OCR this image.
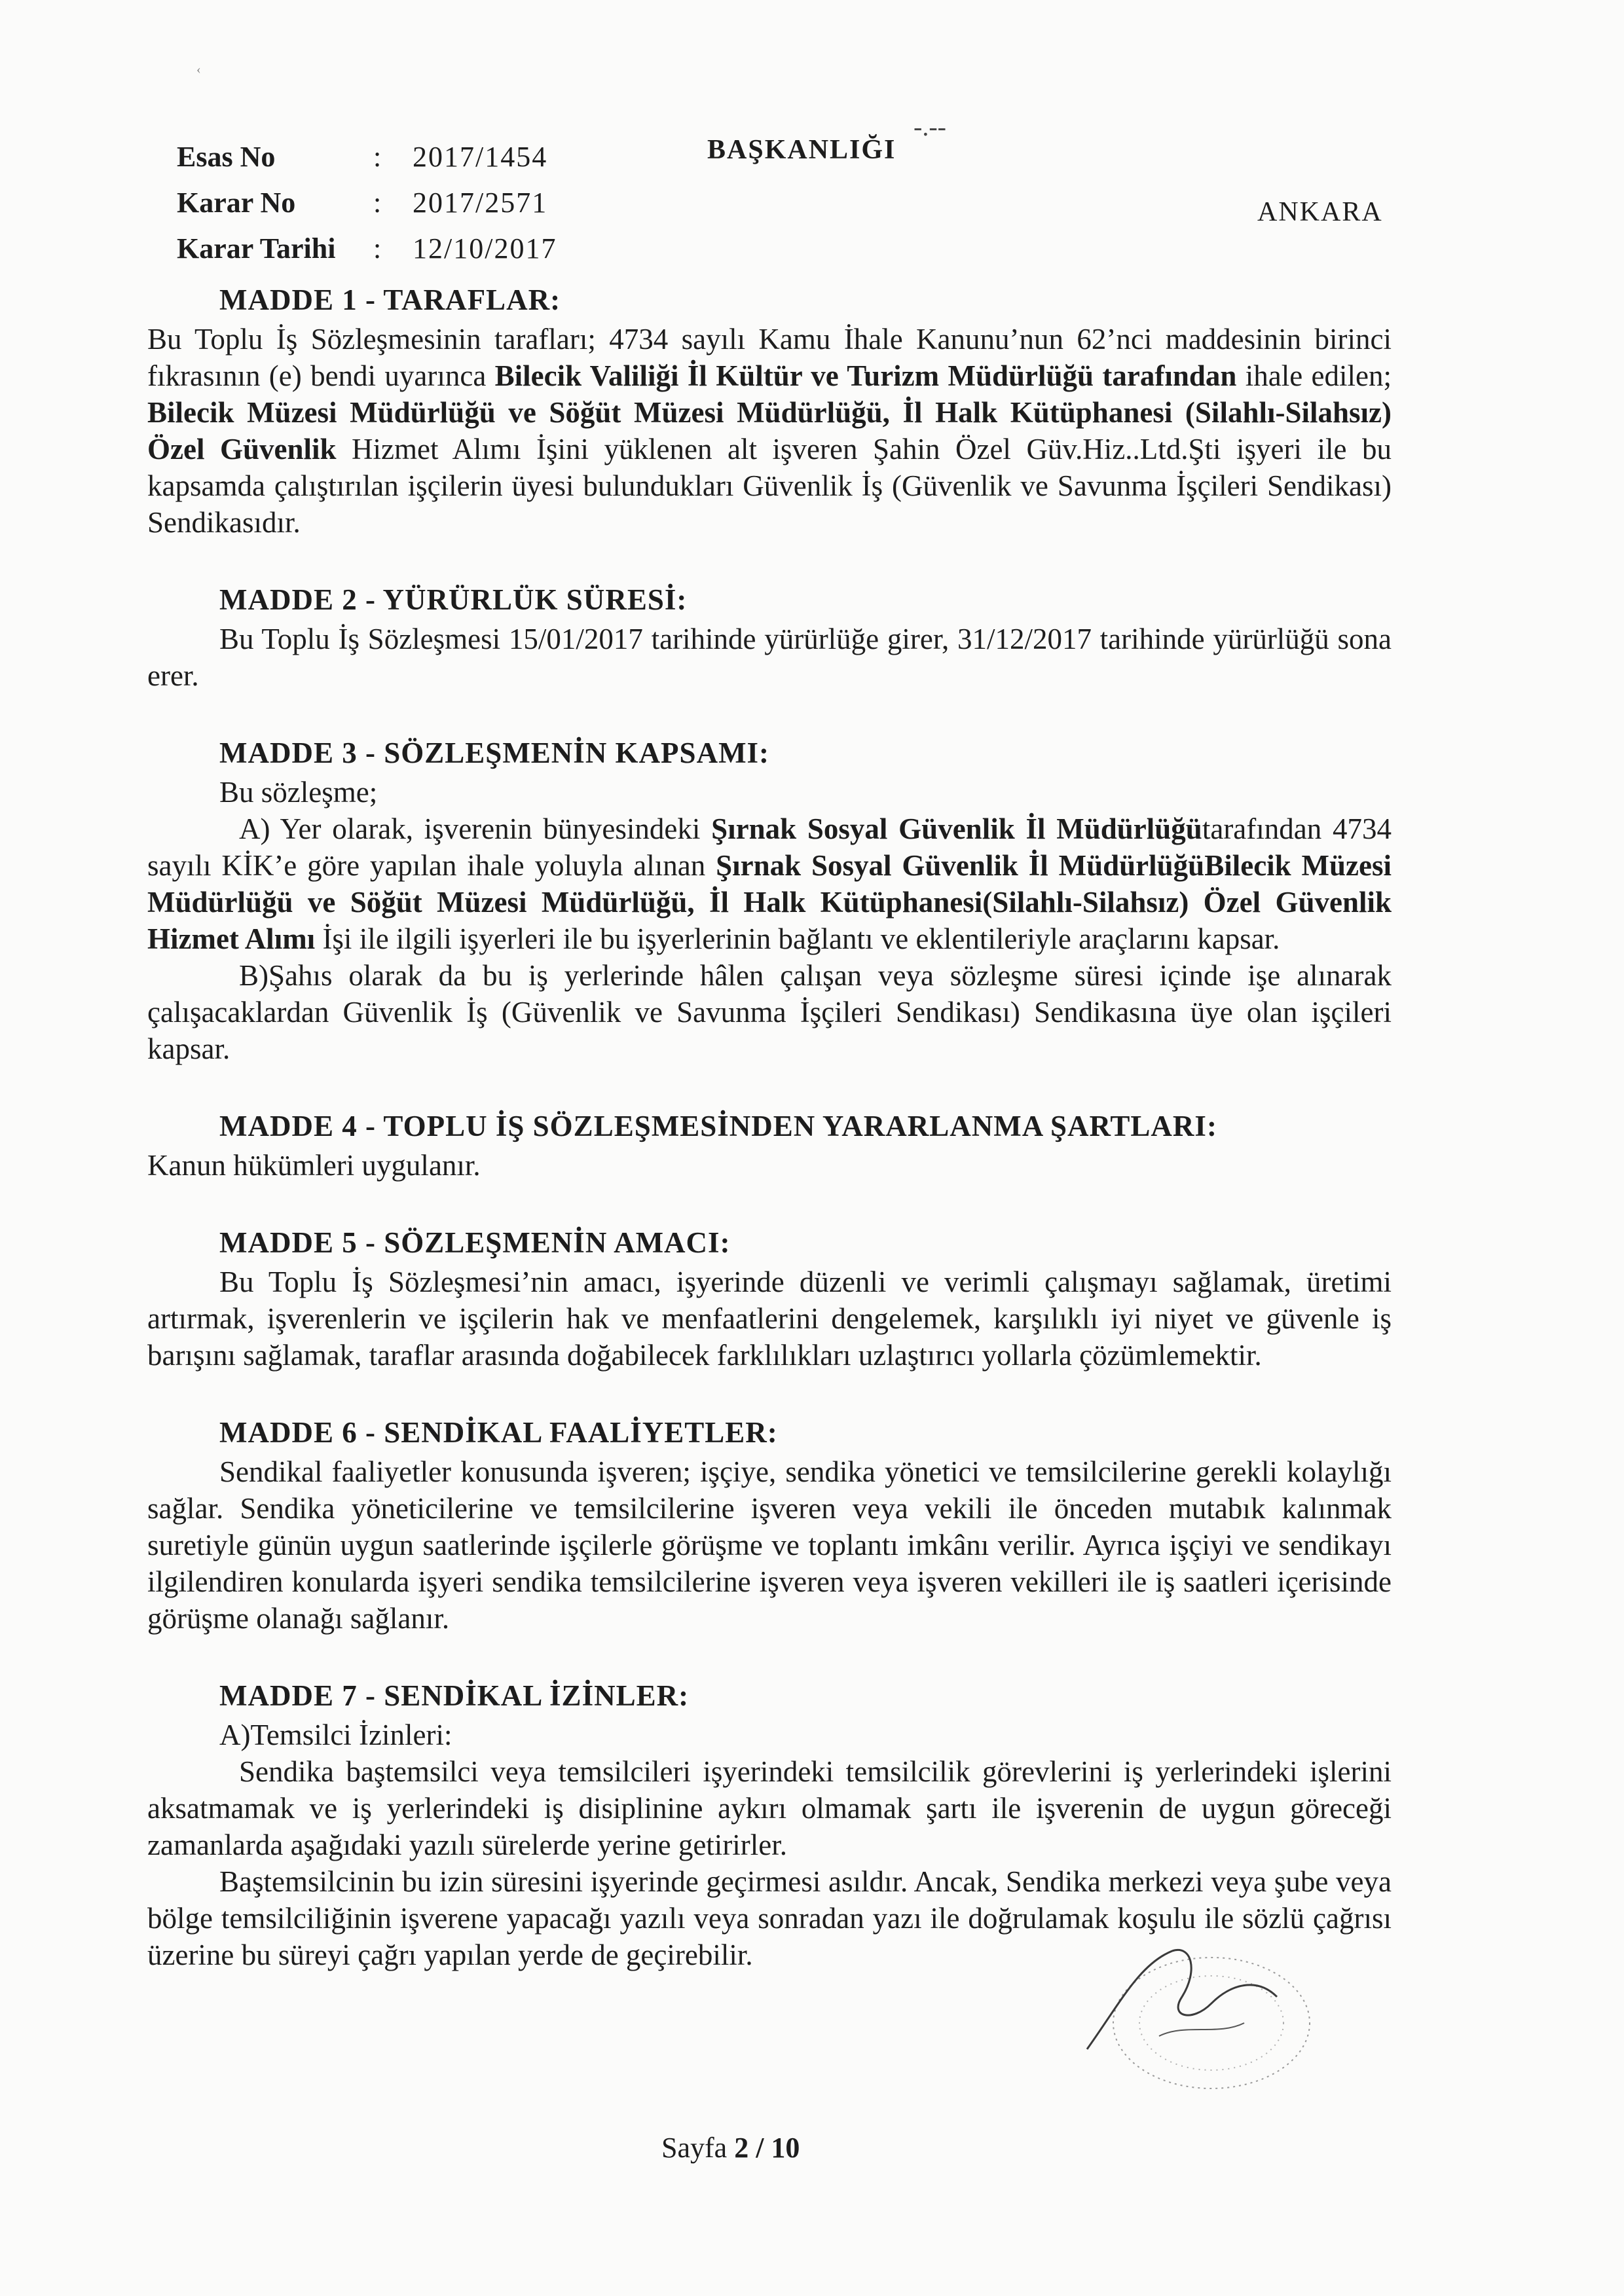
‹
Esas No	:	2017/1454
Karar No	:	2017/2571
Karar Tarihi	:	12/10/2017
-.--
BAŞKANLIĞI
ANKARA
MADDE 1 - TARAFLAR:

Bu Toplu İş Sözleşmesinin tarafları; 4734 sayılı Kamu İhale Kanunu’nun 62’nci maddesinin birinci fıkrasının (e) bendi uyarınca Bilecik Valiliği İl Kültür ve Turizm Müdürlüğü tarafından ihale edilen; Bilecik Müzesi Müdürlüğü ve Söğüt Müzesi Müdürlüğü, İl Halk Kütüphanesi (Silahlı-Silahsız) Özel Güvenlik Hizmet Alımı İşini yüklenen alt işveren Şahin Özel Güv.Hiz..Ltd.Şti işyeri ile bu kapsamda çalıştırılan işçilerin üyesi bulundukları Güvenlik İş (Güvenlik ve Savunma İşçileri Sendikası) Sendikasıdır.

MADDE 2 - YÜRÜRLÜK SÜRESİ:

Bu Toplu İş Sözleşmesi 15/01/2017 tarihinde yürürlüğe girer, 31/12/2017 tarihinde yürürlüğü sona erer.

MADDE 3 - SÖZLEŞMENİN KAPSAMI:

Bu sözleşme;

A) Yer olarak, işverenin bünyesindeki Şırnak Sosyal Güvenlik İl Müdürlüğütarafından 4734 sayılı KİK’e göre yapılan ihale yoluyla alınan Şırnak Sosyal Güvenlik İl MüdürlüğüBilecik Müzesi Müdürlüğü ve Söğüt Müzesi Müdürlüğü, İl Halk Kütüphanesi(Silahlı-Silahsız) Özel Güvenlik Hizmet Alımı İşi ile ilgili işyerleri ile bu işyerlerinin bağlantı ve eklentileriyle araçlarını kapsar.

B)Şahıs olarak da bu iş yerlerinde hâlen çalışan veya sözleşme süresi içinde işe alınarak çalışacaklardan Güvenlik İş (Güvenlik ve Savunma İşçileri Sendikası) Sendikasına üye olan işçileri kapsar.

MADDE 4 - TOPLU İŞ SÖZLEŞMESİNDEN YARARLANMA ŞARTLARI:

Kanun hükümleri uygulanır.

MADDE 5 - SÖZLEŞMENİN AMACI:

Bu Toplu İş Sözleşmesi’nin amacı, işyerinde düzenli ve verimli çalışmayı sağlamak, üretimi artırmak, işverenlerin ve işçilerin hak ve menfaatlerini dengelemek, karşılıklı iyi niyet ve güvenle iş barışını sağlamak, taraflar arasında doğabilecek farklılıkları uzlaştırıcı yollarla çözümlemektir.

MADDE 6 - SENDİKAL FAALİYETLER:

Sendikal faaliyetler konusunda işveren; işçiye, sendika yönetici ve temsilcilerine gerekli kolaylığı sağlar. Sendika yöneticilerine ve temsilcilerine işveren veya vekili ile önceden mutabık kalınmak suretiyle günün uygun saatlerinde işçilerle görüşme ve toplantı imkânı verilir. Ayrıca işçiyi ve sendikayı ilgilendiren konularda işyeri sendika temsilcilerine işveren veya işveren vekilleri ile iş saatleri içerisinde görüşme olanağı sağlanır.

MADDE 7 - SENDİKAL İZİNLER:

A)Temsilci İzinleri:

Sendika baştemsilci veya temsilcileri işyerindeki temsilcilik görevlerini iş yerlerindeki işlerini aksatmamak ve iş yerlerindeki iş disiplinine aykırı olmamak şartı ile işverenin de uygun göreceği zamanlarda aşağıdaki yazılı sürelerde yerine getirirler.

Baştemsilcinin bu izin süresini işyerinde geçirmesi asıldır. Ancak, Sendika merkezi veya şube veya bölge temsilciliğinin işverene yapacağı yazılı veya sonradan yazı ile doğrulamak koşulu ile sözlü çağrısı üzerine bu süreyi çağrı yapılan yerde de geçirebilir.

Sayfa 2 / 10
